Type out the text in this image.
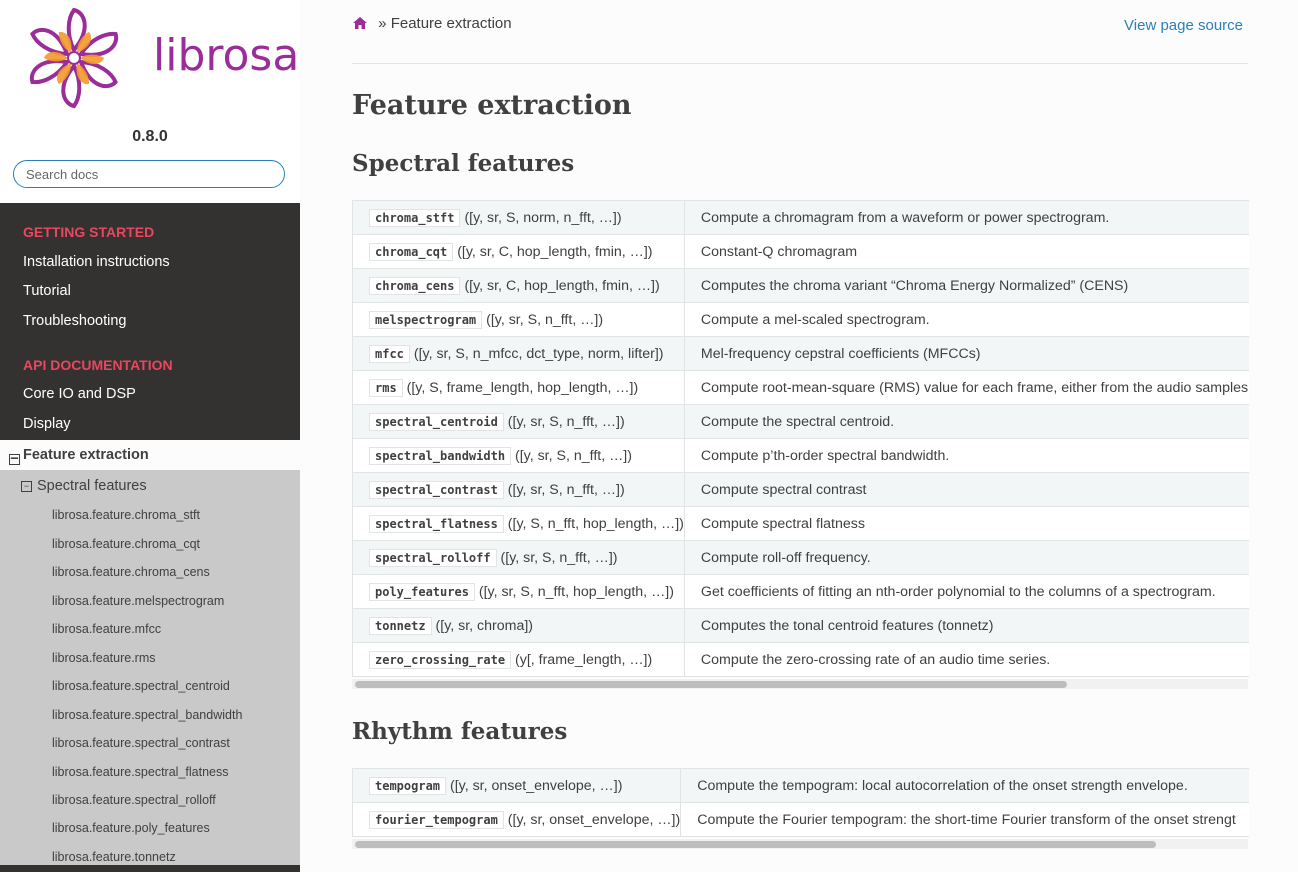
librosa
0.8.0
Search docs
GETTING STARTED
Installation instructions
Tutorial
Troubleshooting
API DOCUMENTATION
Core IO and DSP
Display
− Feature extraction
− Spectral features
librosa.feature.chroma_stft
librosa.feature.chroma_cqt
librosa.feature.chroma_cens
librosa.feature.melspectrogram
librosa.feature.mfcc
librosa.feature.rms
librosa.feature.spectral_centroid
librosa.feature.spectral_bandwidth
librosa.feature.spectral_contrast
librosa.feature.spectral_flatness
librosa.feature.spectral_rolloff
librosa.feature.poly_features
librosa.feature.tonnetz
» Feature extraction	View page source
Feature extraction
Spectral features
chroma_stft ([y, sr, S, norm, n_fft, …])	Compute a chromagram from a waveform or power spectrogram.
chroma_cqt ([y, sr, C, hop_length, fmin, …])	Constant-Q chromagram
chroma_cens ([y, sr, C, hop_length, fmin, …])	Computes the chroma variant “Chroma Energy Normalized” (CENS)
melspectrogram ([y, sr, S, n_fft, …])	Compute a mel-scaled spectrogram.
mfcc ([y, sr, S, n_mfcc, dct_type, norm, lifter])	Mel-frequency cepstral coefficients (MFCCs)
rms ([y, S, frame_length, hop_length, …])	Compute root-mean-square (RMS) value for each frame, either from the audio samples
spectral_centroid ([y, sr, S, n_fft, …])	Compute the spectral centroid.
spectral_bandwidth ([y, sr, S, n_fft, …])	Compute p’th-order spectral bandwidth.
spectral_contrast ([y, sr, S, n_fft, …])	Compute spectral contrast
spectral_flatness ([y, S, n_fft, hop_length, …])	Compute spectral flatness
spectral_rolloff ([y, sr, S, n_fft, …])	Compute roll-off frequency.
poly_features ([y, sr, S, n_fft, hop_length, …])	Get coefficients of fitting an nth-order polynomial to the columns of a spectrogram.
tonnetz ([y, sr, chroma])	Computes the tonal centroid features (tonnetz)
zero_crossing_rate (y[, frame_length, …])	Compute the zero-crossing rate of an audio time series.
Rhythm features
tempogram ([y, sr, onset_envelope, …])	Compute the tempogram: local autocorrelation of the onset strength envelope.
fourier_tempogram ([y, sr, onset_envelope, …])	Compute the Fourier tempogram: the short-time Fourier transform of the onset strengt
